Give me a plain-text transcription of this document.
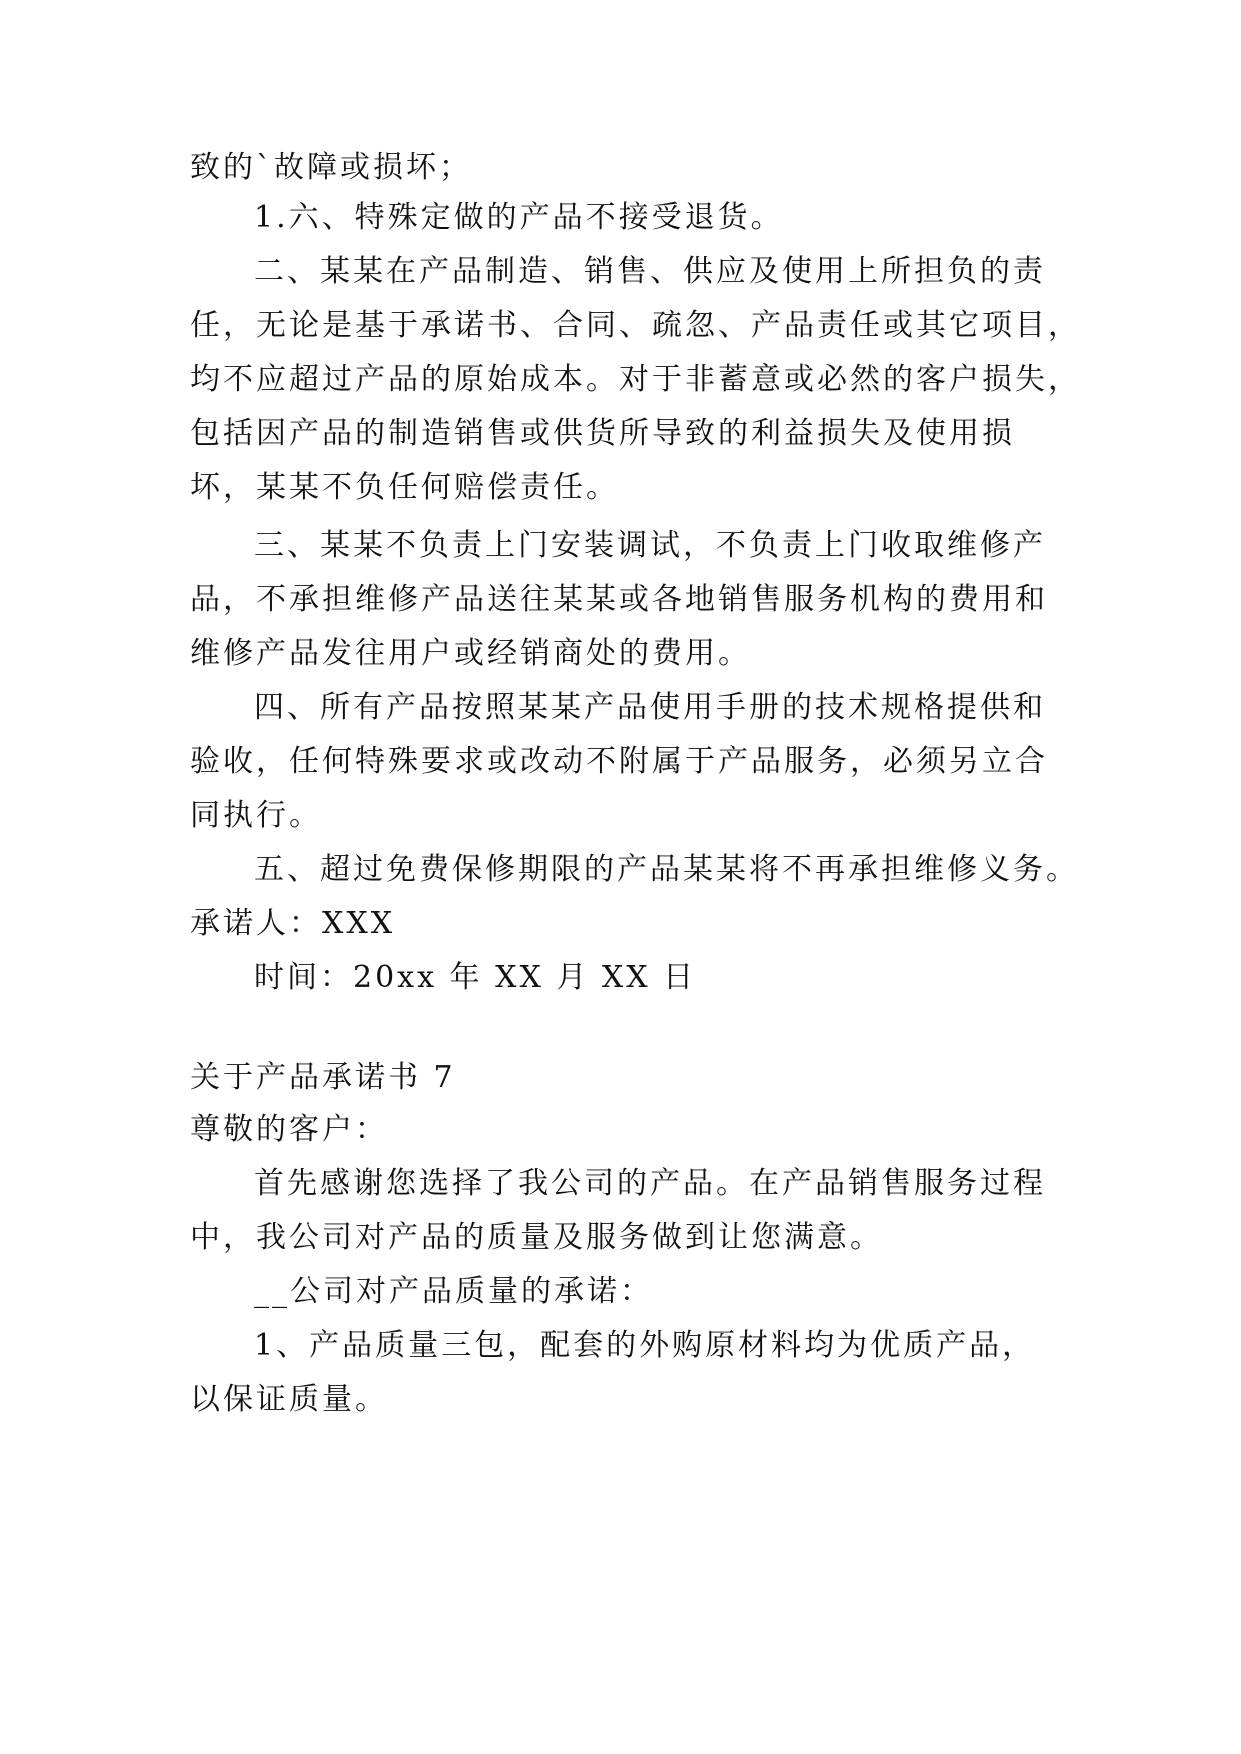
致的`故障或损坏；
1.六、特殊定做的产品不接受退货。
二、某某在产品制造、销售、供应及使用上所担负的责
任，无论是基于承诺书、合同、疏忽、产品责任或其它项目，
均不应超过产品的原始成本。对于非蓄意或必然的客户损失，
包括因产品的制造销售或供货所导致的利益损失及使用损
坏，某某不负任何赔偿责任。
三、某某不负责上门安装调试，不负责上门收取维修产
品，不承担维修产品送往某某或各地销售服务机构的费用和
维修产品发往用户或经销商处的费用。
四、所有产品按照某某产品使用手册的技术规格提供和
验收，任何特殊要求或改动不附属于产品服务，必须另立合
同执行。
五、超过免费保修期限的产品某某将不再承担维修义务。
承诺人：XXX
时间：20xx 年 XX 月 XX 日
关于产品承诺书 7
尊敬的客户：
首先感谢您选择了我公司的产品。在产品销售服务过程
中，我公司对产品的质量及服务做到让您满意。
__公司对产品质量的承诺：
1、产品质量三包，配套的外购原材料均为优质产品，
以保证质量。
